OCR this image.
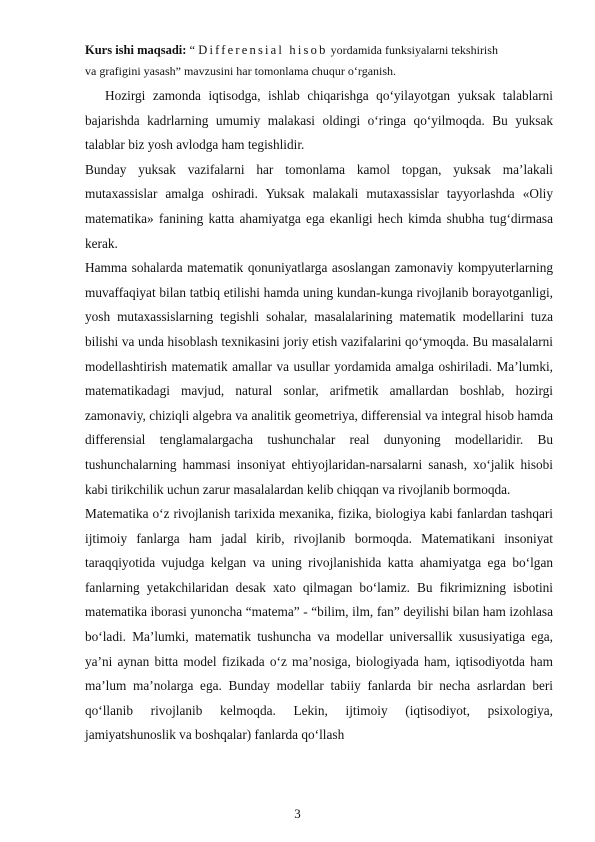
Kurs ishi maqsadi: “ Differensial hisob yordamida funksiyalarni tekshirish
va grafigini yasash” mavzusini har tomonlama chuqur o‘rganish.

Hozirgi zamonda iqtisodga, ishlab chiqarishga qo‘yilayotgan yuksak talablarni bajarishda kadrlarning umumiy malakasi oldingi o‘ringa qo‘yilmoqda. Bu yuksak talablar biz yosh avlodga ham tegishlidir.

Bunday yuksak vazifalarni har tomonlama kamol topgan, yuksak ma’lakali mutaxassislar amalga oshiradi. Yuksak malakali mutaxassislar tayyorlashda «Oliy matematika» fanining katta ahamiyatga ega ekanligi hech kimda shubha tug‘dirmasa kerak.

Hamma sohalarda matematik qonuniyatlarga asoslangan zamonaviy kompyuterlarning muvaffaqiyat bilan tatbiq etilishi hamda uning kundan-kunga rivojlanib borayotganligi, yosh mutaxassislarning tegishli sohalar, masalalarining matematik modellarini tuza bilishi va unda hisoblash texnikasini joriy etish vazifalarini qo‘ymoqda. Bu masalalarni modellashtirish matematik amallar va usullar yordamida amalga oshiriladi. Ma’lumki, matematikadagi mavjud, natural sonlar, arifmetik amallardan boshlab, hozirgi zamonaviy, chiziqli algebra va analitik geometriya, differensial va integral hisob hamda differensial tenglamalargacha tushunchalar real dunyoning modellaridir. Bu tushunchalarning hammasi insoniyat ehtiyojlaridan-narsalarni sanash, xo‘jalik hisobi kabi tirikchilik uchun zarur masalalardan kelib chiqqan va rivojlanib bormoqda.

Matematika o‘z rivojlanish tarixida mexanika, fizika, biologiya kabi fanlardan tashqari ijtimoiy fanlarga ham jadal kirib, rivojlanib bormoqda. Matematikani insoniyat taraqqiyotida vujudga kelgan va uning rivojlanishida katta ahamiyatga ega bo‘lgan fanlarning yetakchilaridan desak xato qilmagan bo‘lamiz. Bu fikrimizning isbotini matematika iborasi yunoncha “matema” - “bilim, ilm, fan” deyilishi bilan ham izohlasa bo‘ladi. Ma’lumki, matematik tushuncha va modellar universallik xususiyatiga ega, ya’ni aynan bitta model fizikada o‘z ma’nosiga, biologiyada ham, iqtisodiyotda ham ma’lum ma’nolarga ega. Bunday modellar tabiiy fanlarda bir necha asrlardan beri qo‘llanib rivojlanib kelmoqda. Lekin, ijtimoiy (iqtisodiyot, psixologiya, jamiyatshunoslik va boshqalar) fanlarda qo‘llash

3
